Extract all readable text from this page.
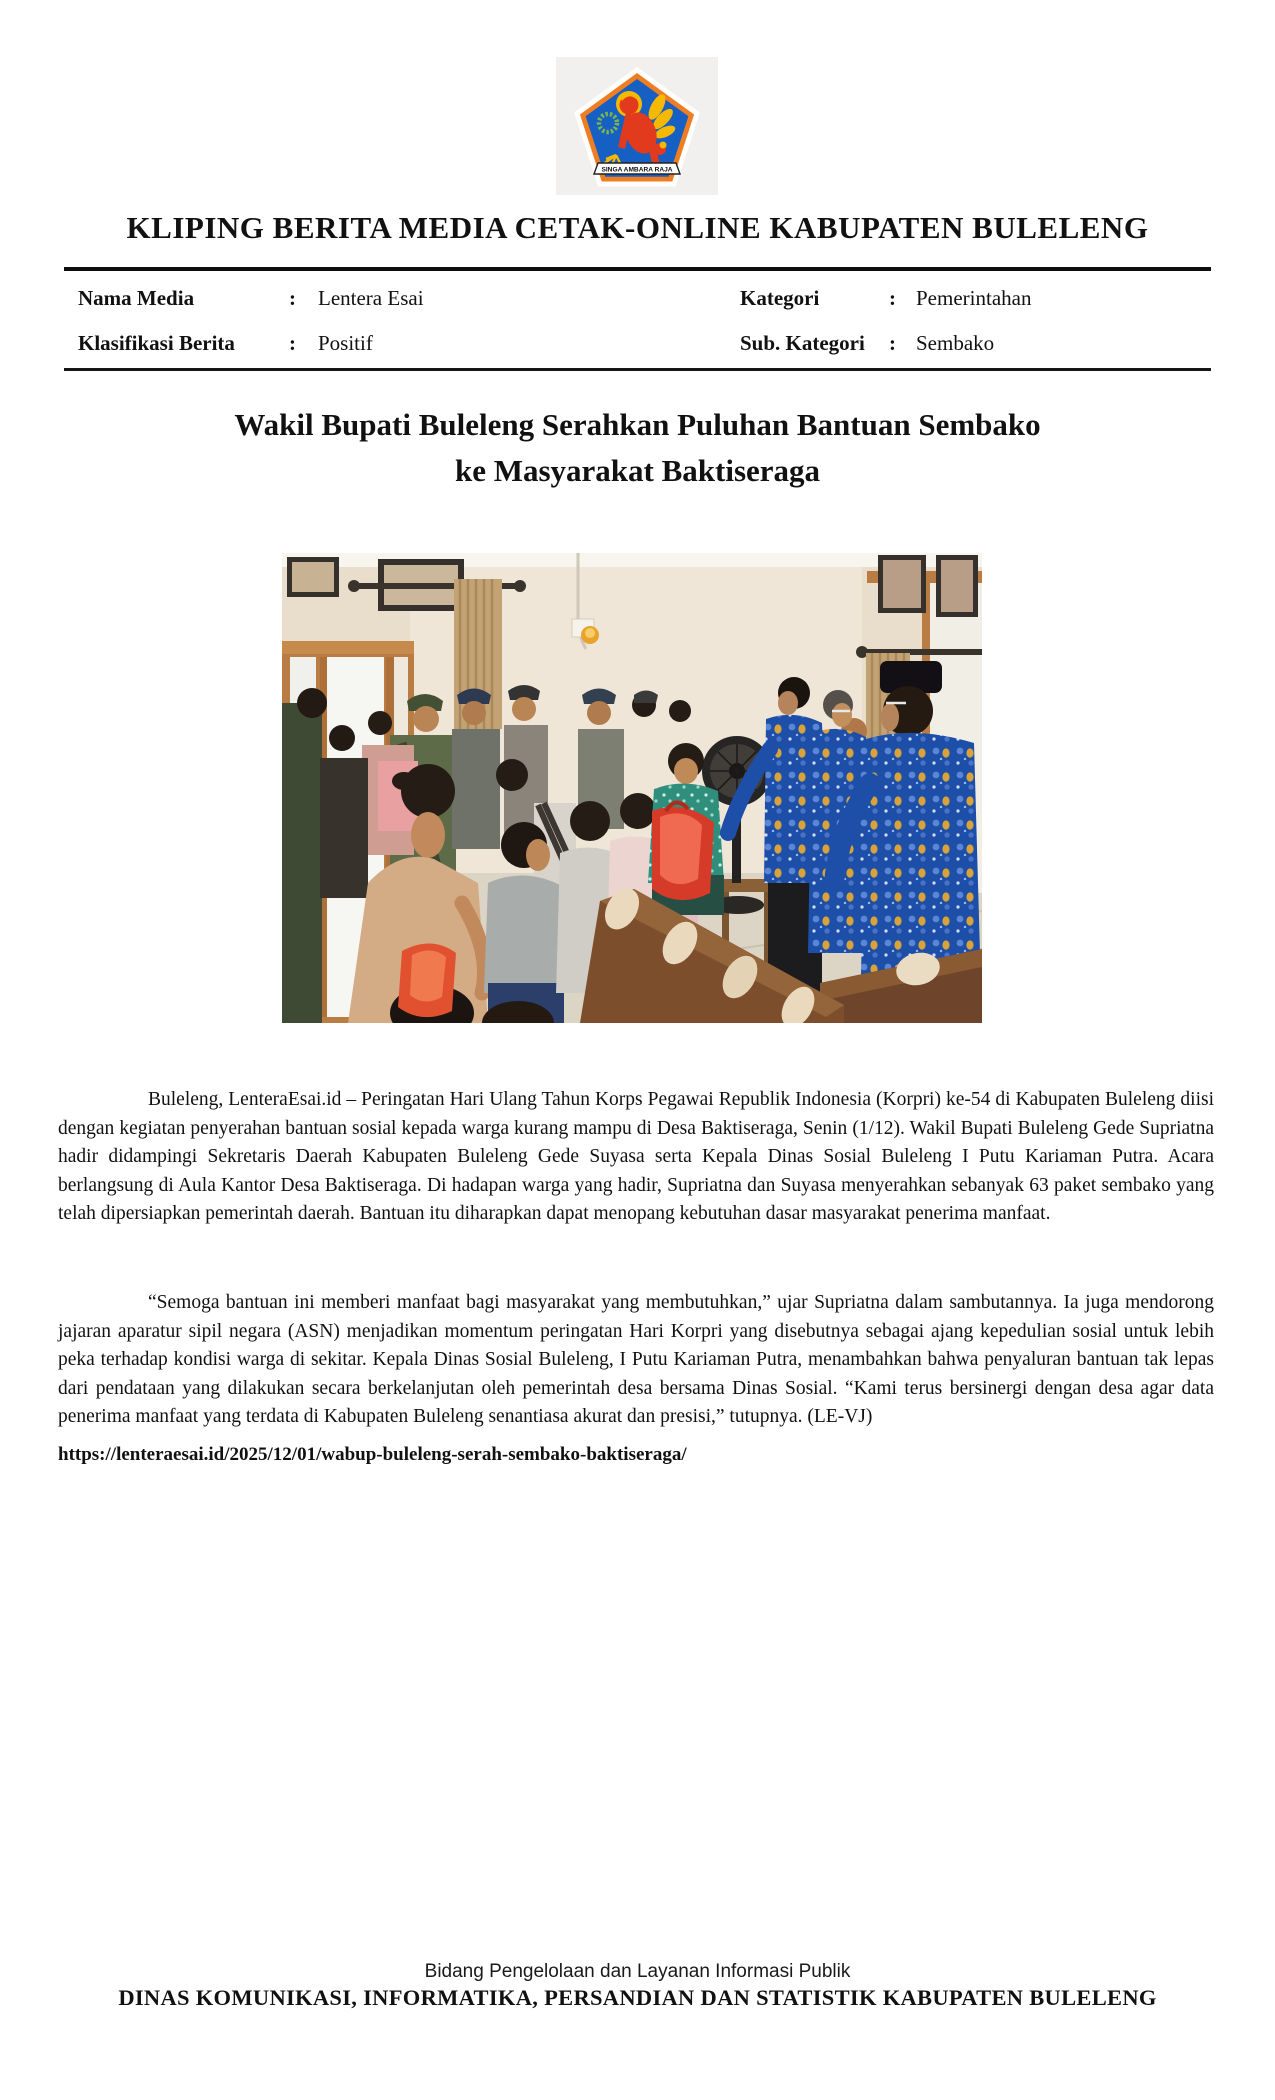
SINGA AMBARA RAJA
KLIPING BERITA MEDIA CETAK-ONLINE KABUPATEN BULELENG
Nama Media	: Lentera Esai	Kategori	: Pemerintahan
Klasifikasi Berita	: Positif	Sub. Kategori : Sembako
Wakil Bupati Buleleng Serahkan Puluhan Bantuan Sembako
ke Masyarakat Baktiseraga
Buleleng, LenteraEsai.id – Peringatan Hari Ulang Tahun Korps Pegawai Republik Indonesia (Korpri) ke-54 di Kabupaten Buleleng diisi dengan kegiatan penyerahan bantuan sosial kepada warga kurang mampu di Desa Baktiseraga, Senin (1/12). Wakil Bupati Buleleng Gede Supriatna hadir didampingi Sekretaris Daerah Kabupaten Buleleng Gede Suyasa serta Kepala Dinas Sosial Buleleng I Putu Kariaman Putra. Acara berlangsung di Aula Kantor Desa Baktiseraga. Di hadapan warga yang hadir, Supriatna dan Suyasa menyerahkan sebanyak 63 paket sembako yang telah dipersiapkan pemerintah daerah. Bantuan itu diharapkan dapat menopang kebutuhan dasar masyarakat penerima manfaat.
“Semoga bantuan ini memberi manfaat bagi masyarakat yang membutuhkan,” ujar Supriatna dalam sambutannya. Ia juga mendorong jajaran aparatur sipil negara (ASN) menjadikan momentum peringatan Hari Korpri yang disebutnya sebagai ajang kepedulian sosial untuk lebih peka terhadap kondisi warga di sekitar. Kepala Dinas Sosial Buleleng, I Putu Kariaman Putra, menambahkan bahwa penyaluran bantuan tak lepas dari pendataan yang dilakukan secara berkelanjutan oleh pemerintah desa bersama Dinas Sosial. “Kami terus bersinergi dengan desa agar data penerima manfaat yang terdata di Kabupaten Buleleng senantiasa akurat dan presisi,” tutupnya. (LE-VJ)
https://lenteraesai.id/2025/12/01/wabup-buleleng-serah-sembako-baktiseraga/
Bidang Pengelolaan dan Layanan Informasi Publik
DINAS KOMUNIKASI, INFORMATIKA, PERSANDIAN DAN STATISTIK KABUPATEN BULELENG
